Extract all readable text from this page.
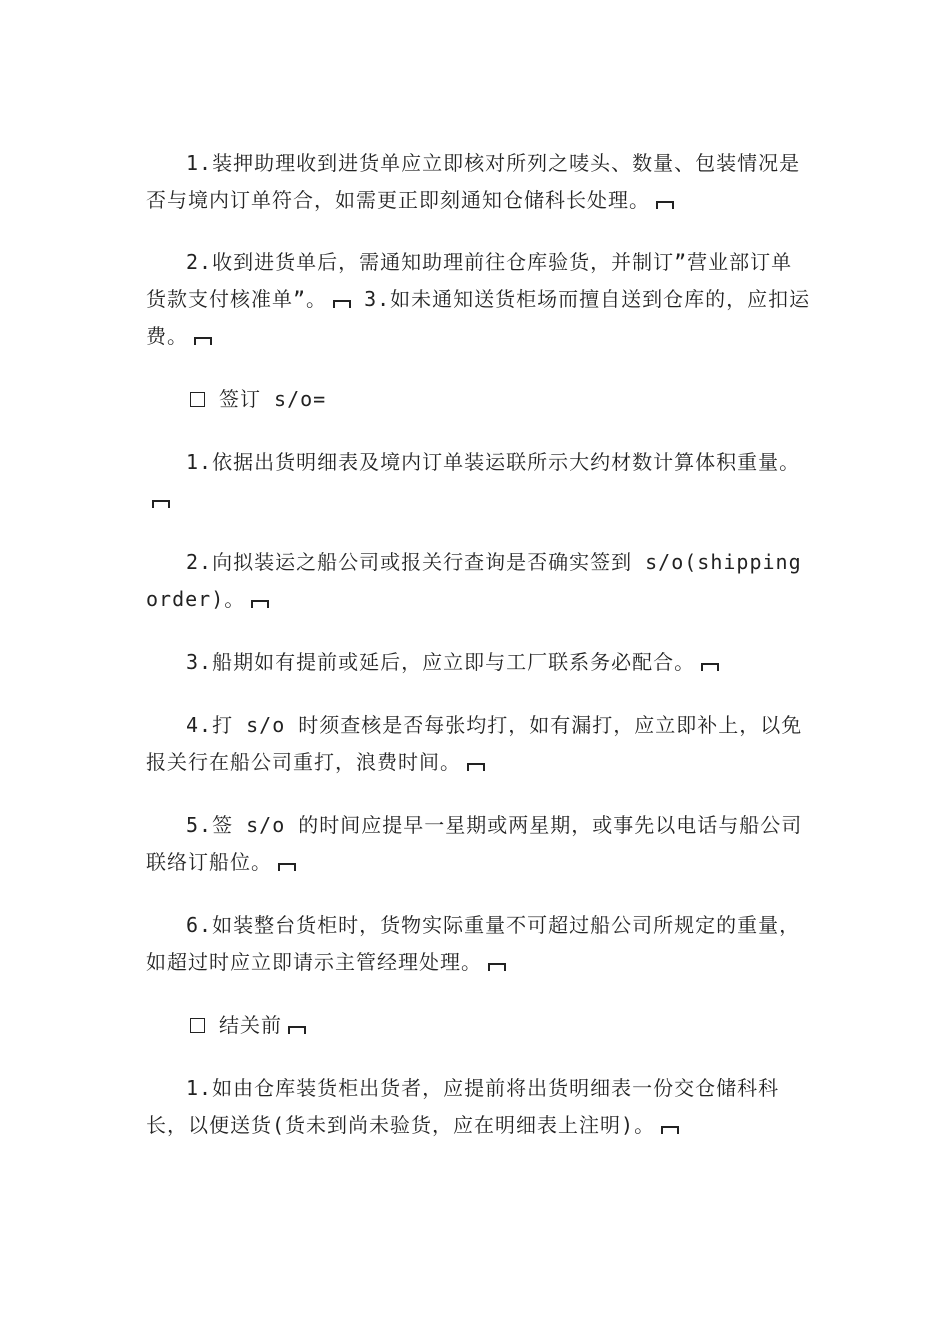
1.装押助理收到进货单应立即核对所列之唛头、数量、包装情况是否与境内订单符合，如需更正即刻通知仓储科长处理。

2.收到进货单后，需通知助理前往仓库验货，并制订”营业部订单货款支付核准单”。 3.如未通知送货柜场而擅自送到仓库的，应扣运费。

签订 s/o=

1.依据出货明细表及境内订单装运联所示大约材数计算体积重量。

2.向拟装运之船公司或报关行查询是否确实签到 s/o(shipping order)。

3.船期如有提前或延后，应立即与工厂联系务必配合。

4.打 s/o 时须查核是否每张均打，如有漏打，应立即补上，以免报关行在船公司重打，浪费时间。

5.签 s/o 的时间应提早一星期或两星期，或事先以电话与船公司联络订船位。

6.如装整台货柜时，货物实际重量不可超过船公司所规定的重量，如超过时应立即请示主管经理处理。

结关前

1.如由仓库装货柜出货者，应提前将出货明细表一份交仓储科科长，以便送货(货未到尚未验货，应在明细表上注明)。
